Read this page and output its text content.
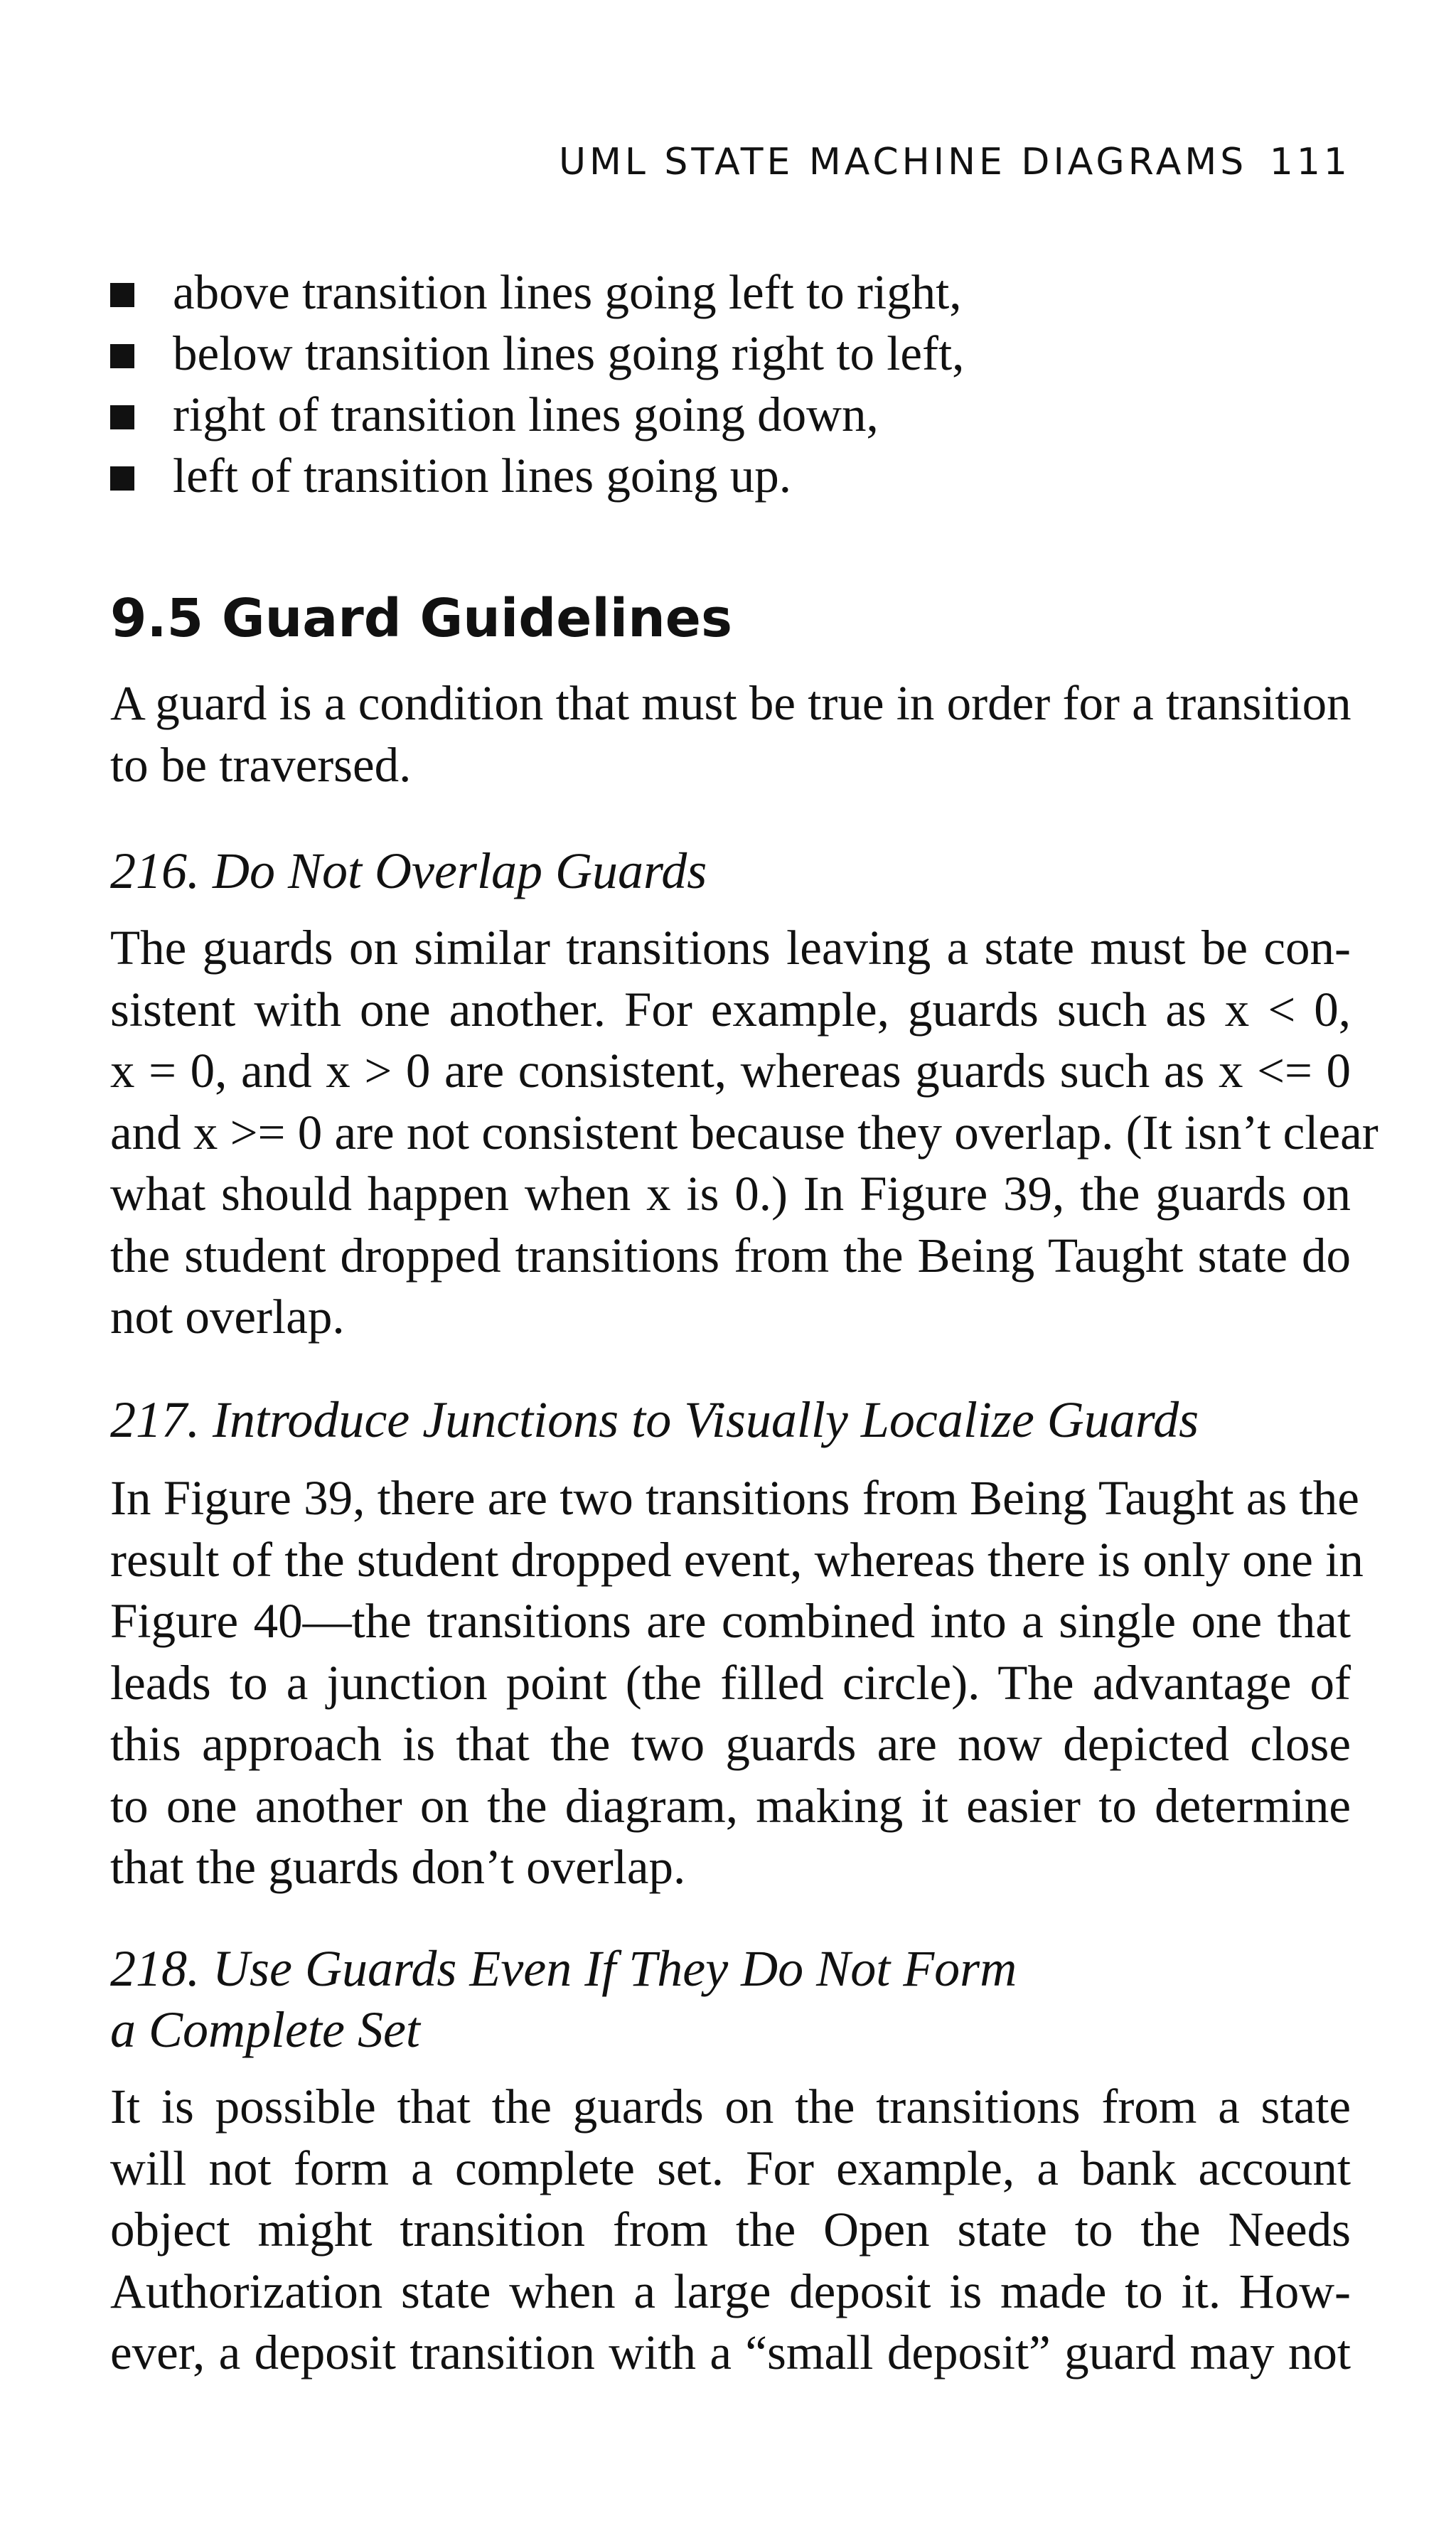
UML STATE MACHINE DIAGRAMS 111
above transition lines going left to right,
below transition lines going right to left,
right of transition lines going down,
left of transition lines going up.
9.5 Guard Guidelines

A guard is a condition that must be true in order for a transition
to be traversed.

216. Do Not Overlap Guards

The guards on similar transitions leaving a state must be con-
sistent with one another. For example, guards such as x < 0,
x = 0, and x > 0 are consistent, whereas guards such as x <= 0
and x >= 0 are not consistent because they overlap. (It isn’t clear
what should happen when x is 0.) In Figure 39, the guards on
the student dropped transitions from the Being Taught state do
not overlap.

217. Introduce Junctions to Visually Localize Guards

In Figure 39, there are two transitions from Being Taught as the
result of the student dropped event, whereas there is only one in
Figure 40—the transitions are combined into a single one that
leads to a junction point (the filled circle). The advantage of
this approach is that the two guards are now depicted close
to one another on the diagram, making it easier to determine
that the guards don’t overlap.

218. Use Guards Even If They Do Not Form
a Complete Set

It is possible that the guards on the transitions from a state
will not form a complete set. For example, a bank account
object might transition from the Open state to the Needs
Authorization state when a large deposit is made to it. How-
ever, a deposit transition with a “small deposit” guard may not
